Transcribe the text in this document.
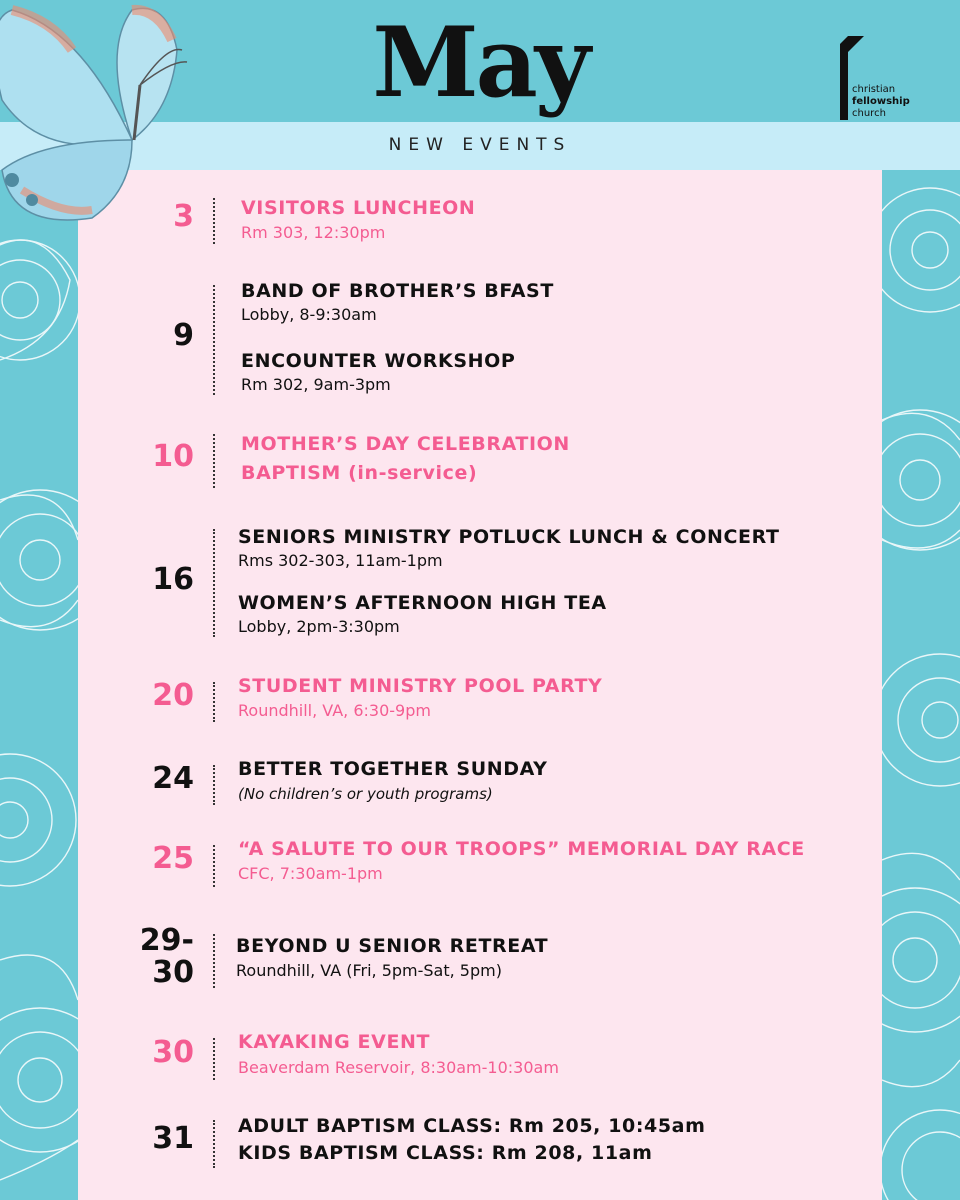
May
NEW EVENTS
christian
fellowship
church
3 VISITORS LUNCHEON
Rm 303, 12:30pm
9
BAND OF BROTHER’S BFAST
Lobby, 8-9:30am
ENCOUNTER WORKSHOP
Rm 302, 9am-3pm
10 MOTHER’S DAY CELEBRATION
BAPTISM (in-service)
16
SENIORS MINISTRY POTLUCK LUNCH & CONCERT
Rms 302-303, 11am-1pm
WOMEN’S AFTERNOON HIGH TEA
Lobby, 2pm-3:30pm
20 STUDENT MINISTRY POOL PARTY
Roundhill, VA, 6:30-9pm
24 BETTER TOGETHER SUNDAY
(No children’s or youth programs)
25 “A SALUTE TO OUR TROOPS” MEMORIAL DAY RACE
CFC, 7:30am-1pm
29-
30
BEYOND U SENIOR RETREAT
Roundhill, VA (Fri, 5pm-Sat, 5pm)
30 KAYAKING EVENT
Beaverdam Reservoir, 8:30am-10:30am
31 ADULT BAPTISM CLASS: Rm 205, 10:45am
KIDS BAPTISM CLASS: Rm 208, 11am
